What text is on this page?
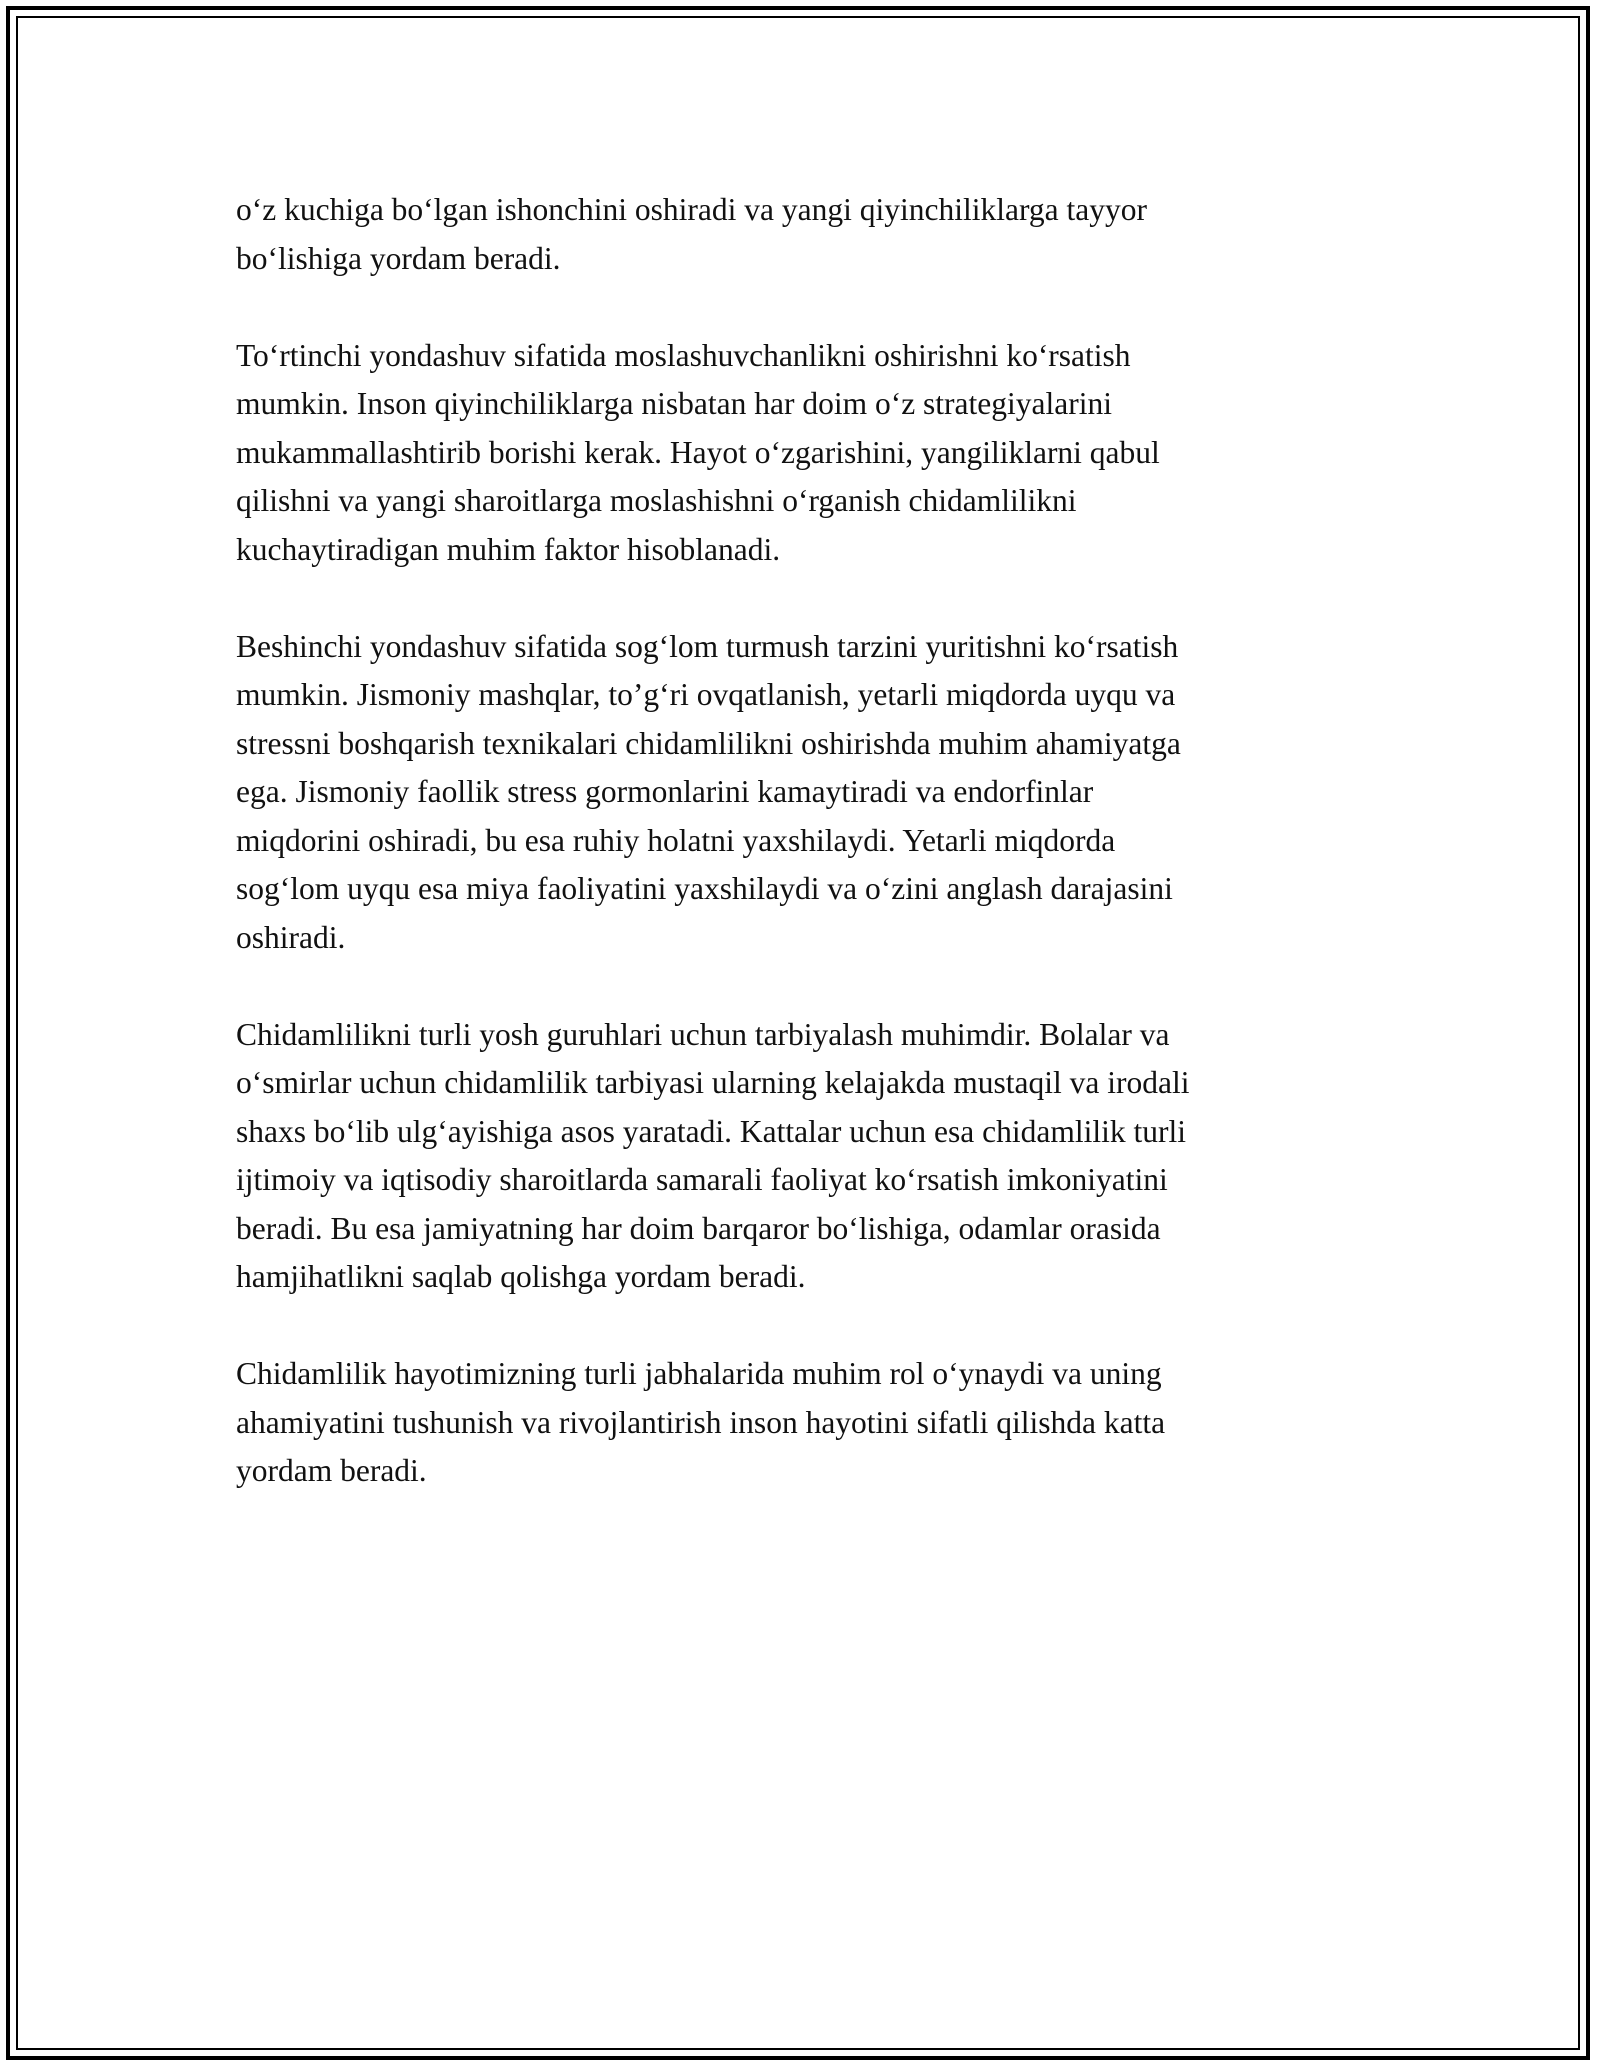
o‘z kuchiga bo‘lgan ishonchini oshiradi va yangi qiyinchiliklarga tayyor
bo‘lishiga yordam beradi.

To‘rtinchi yondashuv sifatida moslashuvchanlikni oshirishni ko‘rsatish
mumkin. Inson qiyinchiliklarga nisbatan har doim o‘z strategiyalarini
mukammallashtirib borishi kerak. Hayot o‘zgarishini, yangiliklarni qabul
qilishni va yangi sharoitlarga moslashishni o‘rganish chidamlilikni
kuchaytiradigan muhim faktor hisoblanadi.

Beshinchi yondashuv sifatida sog‘lom turmush tarzini yuritishni ko‘rsatish
mumkin. Jismoniy mashqlar, to’g‘ri ovqatlanish, yetarli miqdorda uyqu va
stressni boshqarish texnikalari chidamlilikni oshirishda muhim ahamiyatga
ega. Jismoniy faollik stress gormonlarini kamaytiradi va endorfinlar
miqdorini oshiradi, bu esa ruhiy holatni yaxshilaydi. Yetarli miqdorda
sog‘lom uyqu esa miya faoliyatini yaxshilaydi va o‘zini anglash darajasini
oshiradi.

Chidamlilikni turli yosh guruhlari uchun tarbiyalash muhimdir. Bolalar va
o‘smirlar uchun chidamlilik tarbiyasi ularning kelajakda mustaqil va irodali
shaxs bo‘lib ulg‘ayishiga asos yaratadi. Kattalar uchun esa chidamlilik turli
ijtimoiy va iqtisodiy sharoitlarda samarali faoliyat ko‘rsatish imkoniyatini
beradi. Bu esa jamiyatning har doim barqaror bo‘lishiga, odamlar orasida
hamjihatlikni saqlab qolishga yordam beradi.

Chidamlilik hayotimizning turli jabhalarida muhim rol o‘ynaydi va uning
ahamiyatini tushunish va rivojlantirish inson hayotini sifatli qilishda katta
yordam beradi.
